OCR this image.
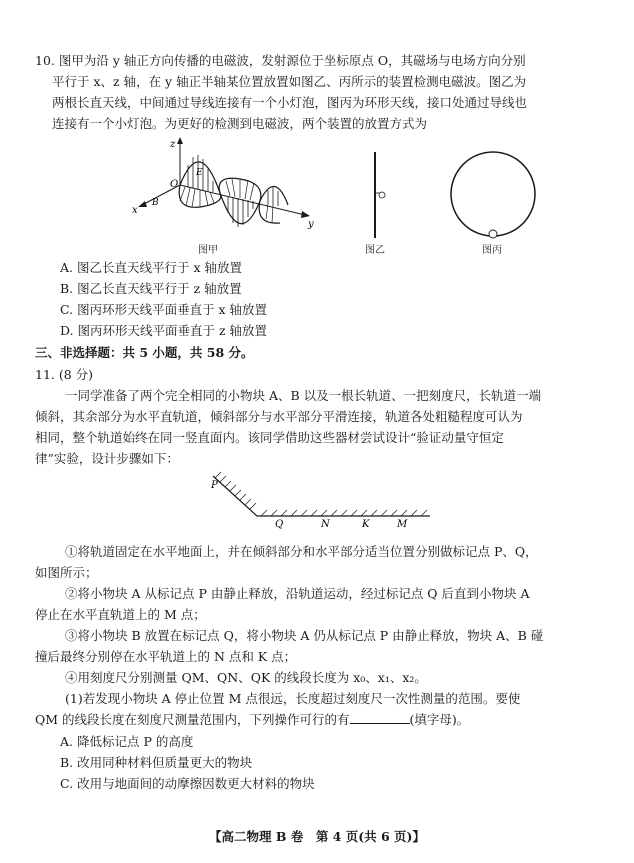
10. 图甲为沿 y 轴正方向传播的电磁波，发射源位于坐标原点 O，其磁场与电场方向分别
平行于 x、z 轴，在 y 轴正半轴某位置放置如图乙、丙所示的装置检测电磁波。图乙为
两根长直天线，中间通过导线连接有一个小灯泡，图丙为环形天线，接口处通过导线也
连接有一个小灯泡。为更好的检测到电磁波，两个装置的放置方式为
z
x
y
O
E
B
图甲	图乙	图丙
A. 图乙长直天线平行于 x 轴放置
B. 图乙长直天线平行于 z 轴放置
C. 图丙环形天线平面垂直于 x 轴放置
D. 图丙环形天线平面垂直于 z 轴放置
三、非选择题：共 5 小题，共 58 分。
11. (8 分)
一同学准备了两个完全相同的小物块 A、B 以及一根长轨道、一把刻度尺，长轨道一端
倾斜，其余部分为水平直轨道，倾斜部分与水平部分平滑连接，轨道各处粗糙程度可认为
相同，整个轨道始终在同一竖直面内。该同学借助这些器材尝试设计“验证动量守恒定
律”实验，设计步骤如下：
P
Q	N	K	M
①将轨道固定在水平地面上，并在倾斜部分和水平部分适当位置分别做标记点 P、Q，
如图所示；
②将小物块 A 从标记点 P 由静止释放，沿轨道运动，经过标记点 Q 后直到小物块 A
停止在水平直轨道上的 M 点；
③将小物块 B 放置在标记点 Q，将小物块 A 仍从标记点 P 由静止释放，物块 A、B 碰
撞后最终分别停在水平轨道上的 N 点和 K 点；
④用刻度尺分别测量 QM、QN、QK 的线段长度为 x₀、x₁、x₂。
(1)若发现小物块 A 停止位置 M 点很远，长度超过刻度尺一次性测量的范围。要使
QM 的线段长度在刻度尺测量范围内，下列操作可行的有	(填字母)。
A. 降低标记点 P 的高度
B. 改用同种材料但质量更大的物块
C. 改用与地面间的动摩擦因数更大材料的物块
【高二物理 B 卷　第 4 页(共 6 页)】
